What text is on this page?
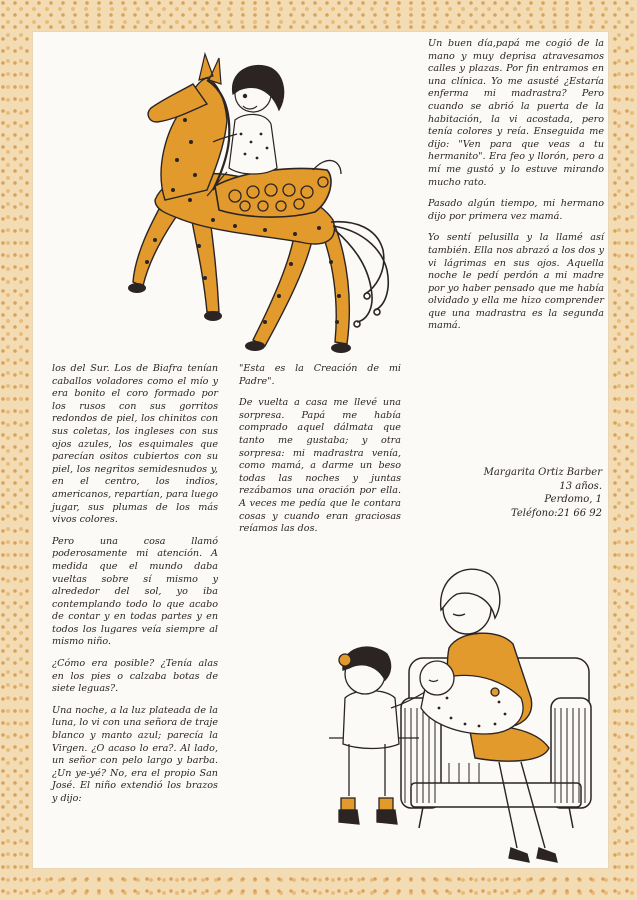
Un buen día,papá me cogió de la mano y muy deprisa atravesamos calles y plazas. Por fin entramos en una clínica. Yo me asusté ¿Estaría enferma mi madrastra? Pero cuando se abrió la puerta de la habitación, la vi acostada, pero tenía colores y reía. Enseguida me dijo: "Ven para que veas a tu hermanito". Era feo y llorón, pero a mí me gustó y lo estuve mirando mucho rato.

Pasado algún tiempo, mi hermano dijo por primera vez mamá.

Yo sentí pelusilla y la llamé así también. Ella nos abrazó a los dos y vi lágrimas en sus ojos. Aquella noche le pedí perdón a mi madre por yo haber pensado que me había olvidado y ella me hizo comprender que una madrastra es la segunda mamá.

los del Sur. Los de Biafra tenían caballos voladores como el mío y era bonito el coro formado por los rusos con sus gorritos redondos de piel, los chinitos con sus coletas, los ingleses con sus ojos azules, los esquimales que parecían ositos cubiertos con su piel, los negritos semidesnudos y, en el centro, los indios, americanos, repartían, para luego jugar, sus plumas de los más vivos colores.

Pero una cosa llamó poderosamente mi atención. A medida que el mundo daba vueltas sobre sí mismo y alrededor del sol, yo iba contemplando todo lo que acabo de contar y en todas partes y en todos los lugares veía siempre al mismo niño.

¿Cómo era posible? ¿Tenía alas en los pies o calzaba botas de siete leguas?.

Una noche, a la luz plateada de la luna, lo vi con una señora de traje blanco y manto azul; parecía la Virgen. ¿O acaso lo era?. Al lado, un señor con pelo largo y barba. ¿Un ye-yé? No, era el propio San José. El niño extendió los brazos y dijo:

"Esta es la Creación de mi Padre".

De vuelta a casa me llevé una sorpresa. Papá me había comprado aquel dálmata que tanto me gustaba; y otra sorpresa: mi madrastra venía, como mamá, a darme un beso todas las noches y juntas rezábamos una oración por ella. A veces me pedía que le contara cosas y cuando eran graciosas reíamos las dos.

Margarita Ortiz Barber
13 años.
Perdomo, 1
Teléfono:21 66 92
